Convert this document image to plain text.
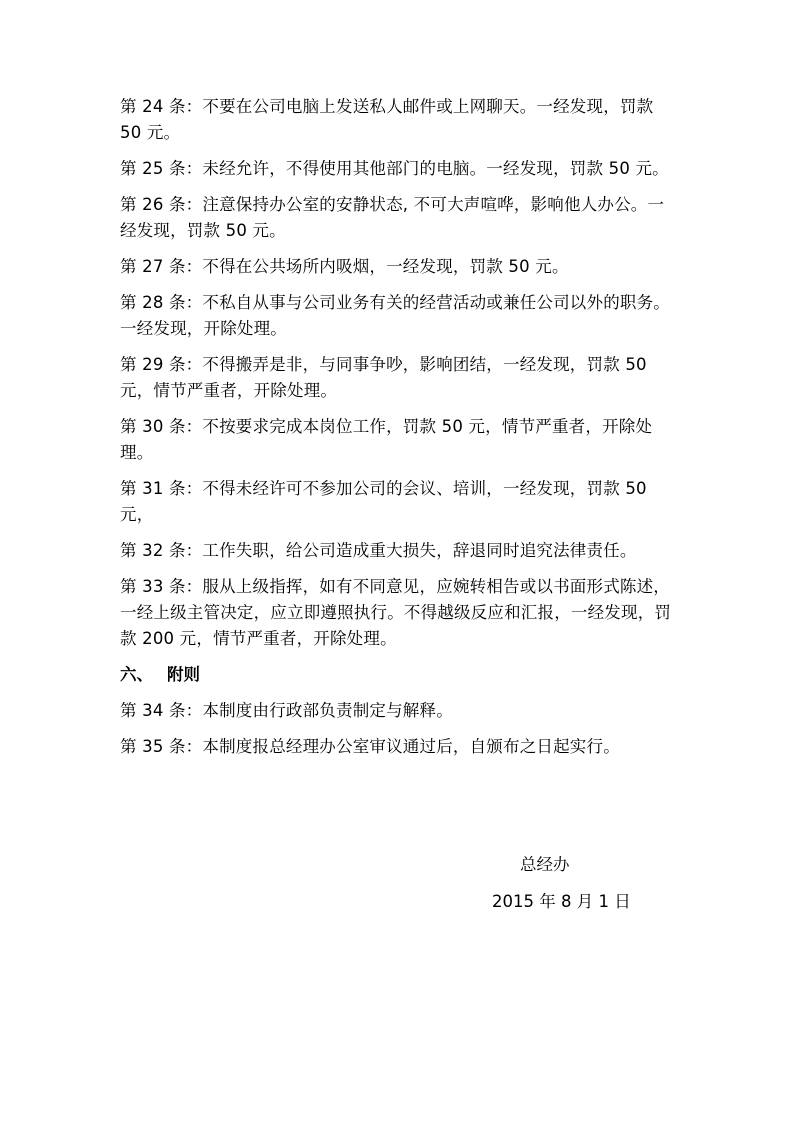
第 24 条：不要在公司电脑上发送私人邮件或上网聊天。一经发现，罚款 50 元。

第 25 条：未经允许，不得使用其他部门的电脑。一经发现，罚款 50 元。

第 26 条：注意保持办公室的安静状态, 不可大声喧哗，影响他人办公。一经发现，罚款 50 元。

第 27 条：不得在公共场所内吸烟，一经发现，罚款 50 元。

第 28 条：不私自从事与公司业务有关的经营活动或兼任公司以外的职务。一经发现，开除处理。

第 29 条：不得搬弄是非，与同事争吵，影响团结，一经发现，罚款 50 元，情节严重者，开除处理。

第 30 条：不按要求完成本岗位工作，罚款 50 元，情节严重者，开除处理。

第 31 条：不得未经许可不参加公司的会议、培训，一经发现，罚款 50 元，

第 32 条：工作失职，给公司造成重大损失，辞退同时追究法律责任。

第 33 条：服从上级指挥，如有不同意见，应婉转相告或以书面形式陈述，一经上级主管决定，应立即遵照执行。不得越级反应和汇报，一经发现，罚款 200 元，情节严重者，开除处理。

六、 附则

第 34 条：本制度由行政部负责制定与解释。

第 35 条：本制度报总经理办公室审议通过后，自颁布之日起实行。

总经办
2015 年 8 月 1 日
